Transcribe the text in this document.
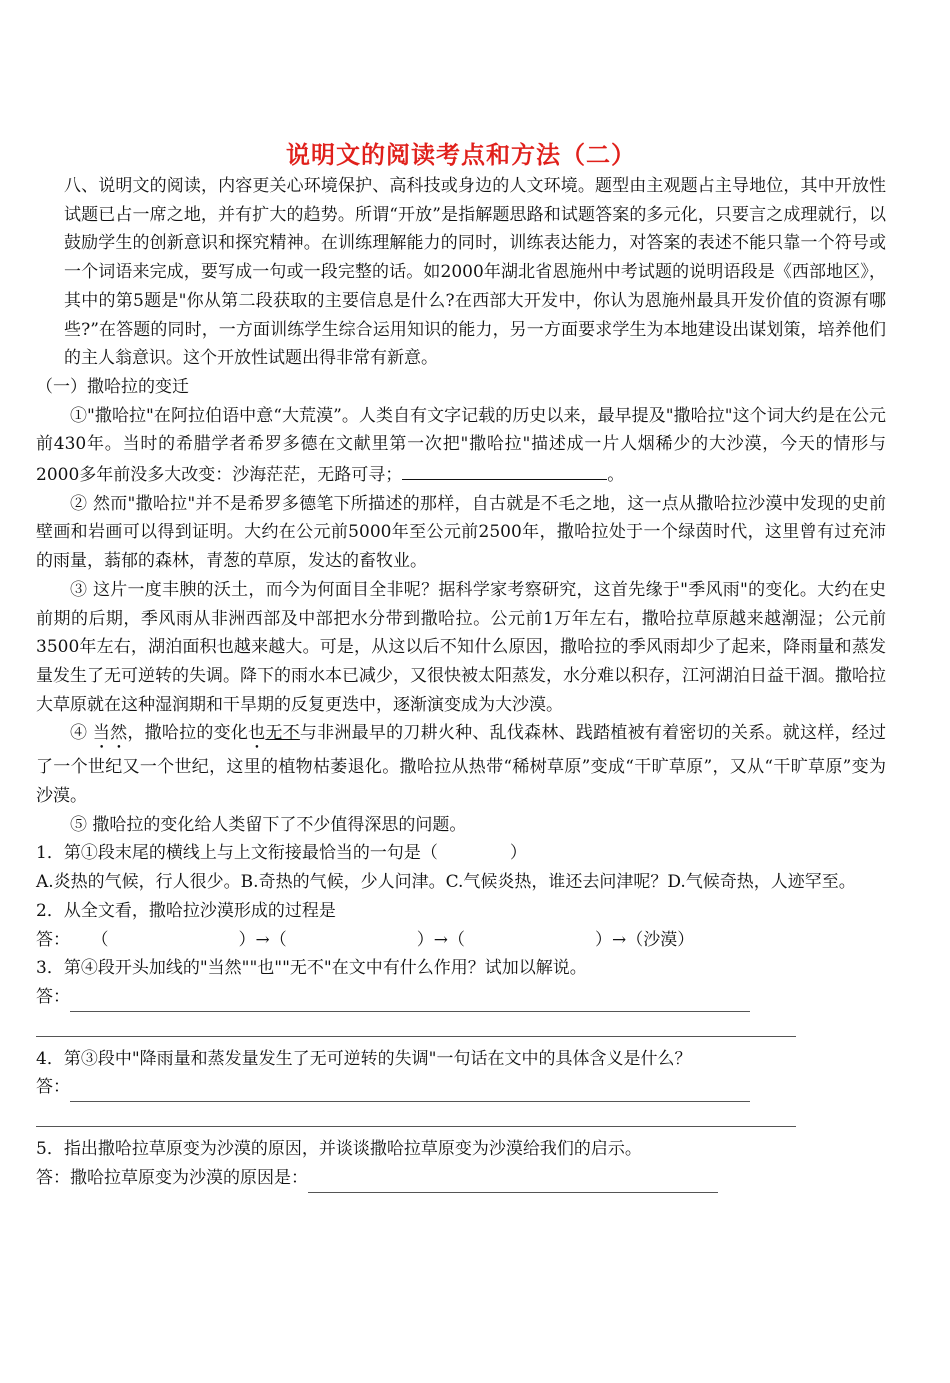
说明文的阅读考点和方法（二）

八、说明文的阅读，内容更关心环境保护、高科技或身边的人文环境。题型由主观题占主导地位，其中开放性试题已占一席之地，并有扩大的趋势。所谓“开放”是指解题思路和试题答案的多元化，只要言之成理就行，以鼓励学生的创新意识和探究精神。在训练理解能力的同时，训练表达能力，对答案的表述不能只靠一个符号或一个词语来完成，要写成一句或一段完整的话。如2000年湖北省恩施州中考试题的说明语段是《西部地区》，其中的第5题是"你从第二段获取的主要信息是什么?在西部大开发中，你认为恩施州最具开发价值的资源有哪些?”在答题的同时，一方面训练学生综合运用知识的能力，另一方面要求学生为本地建设出谋划策，培养他们的主人翁意识。这个开放性试题出得非常有新意。

（一）撒哈拉的变迁

①"撒哈拉"在阿拉伯语中意“大荒漠”。人类自有文字记载的历史以来，最早提及"撒哈拉"这个词大约是在公元前430年。当时的希腊学者希罗多德在文献里第一次把"撒哈拉"描述成一片人烟稀少的大沙漠，今天的情形与2000多年前没多大改变：沙海茫茫，无路可寻；	。

② 然而"撒哈拉"并不是希罗多德笔下所描述的那样，自古就是不毛之地，这一点从撒哈拉沙漠中发现的史前壁画和岩画可以得到证明。大约在公元前5000年至公元前2500年，撒哈拉处于一个绿茵时代，这里曾有过充沛的雨量，蓊郁的森林，青葱的草原，发达的畜牧业。

③ 这片一度丰腴的沃土，而今为何面目全非呢？据科学家考察研究，这首先缘于"季风雨"的变化。大约在史前期的后期，季风雨从非洲西部及中部把水分带到撒哈拉。公元前1万年左右，撒哈拉草原越来越潮湿；公元前3500年左右，湖泊面积也越来越大。可是，从这以后不知什么原因，撒哈拉的季风雨却少了起来，降雨量和蒸发量发生了无可逆转的失调。降下的雨水本已减少，又很快被太阳蒸发，水分难以积存，江河湖泊日益干涸。撒哈拉大草原就在这种湿润期和干旱期的反复更迭中，逐渐演变成为大沙漠。

④ 当然，撒哈拉的变化也无不与非洲最早的刀耕火种、乱伐森林、践踏植被有着密切的关系。就这样，经过了一个世纪又一个世纪，这里的植物枯萎退化。撒哈拉从热带“稀树草原”变成“干旷草原”，又从“干旷草原”变为沙漠。

⑤ 撒哈拉的变化给人类留下了不少值得深思的问题。

1．第①段末尾的横线上与上文衔接最恰当的一句是（	）

A.炎热的气候，行人很少。B.奇热的气候，少人问津。C.气候炎热，谁还去问津呢？D.气候奇热，人迹罕至。

2．从全文看，撒哈拉沙漠形成的过程是

答： （	）→（	）→（	）→（沙漠）

3．第④段开头加线的"当然""也""无不"在文中有什么作用？试加以解说。

答：

4．第③段中"降雨量和蒸发量发生了无可逆转的失调"一句话在文中的具体含义是什么？

答：

5．指出撒哈拉草原变为沙漠的原因，并谈谈撒哈拉草原变为沙漠给我们的启示。

答：撒哈拉草原变为沙漠的原因是：
